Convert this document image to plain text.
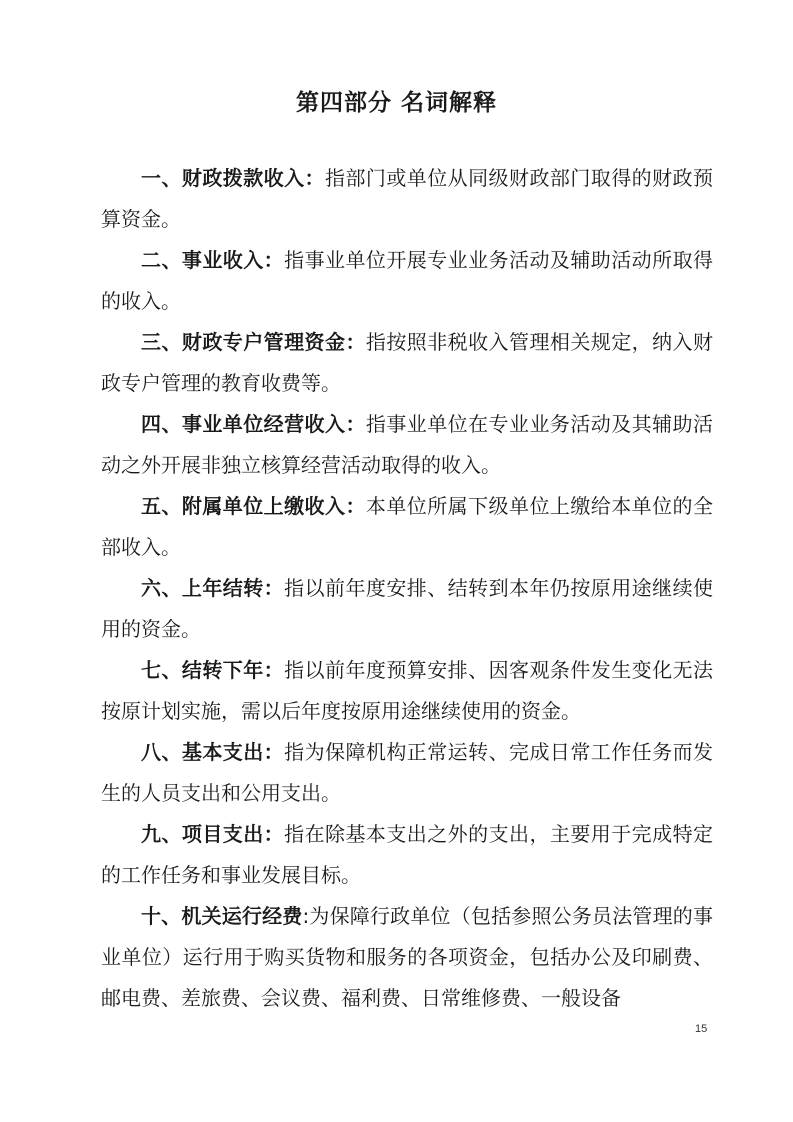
第四部分 名词解释

一、财政拨款收入：指部门或单位从同级财政部门取得的财政预算资金。

二、事业收入：指事业单位开展专业业务活动及辅助活动所取得的收入。

三、财政专户管理资金：指按照非税收入管理相关规定，纳入财政专户管理的教育收费等。

四、事业单位经营收入：指事业单位在专业业务活动及其辅助活动之外开展非独立核算经营活动取得的收入。

五、附属单位上缴收入：本单位所属下级单位上缴给本单位的全部收入。

六、上年结转：指以前年度安排、结转到本年仍按原用途继续使用的资金。

七、结转下年：指以前年度预算安排、因客观条件发生变化无法按原计划实施，需以后年度按原用途继续使用的资金。

八、基本支出：指为保障机构正常运转、完成日常工作任务而发生的人员支出和公用支出。

九、项目支出：指在除基本支出之外的支出，主要用于完成特定的工作任务和事业发展目标。

十、机关运行经费:为保障行政单位（包括参照公务员法管理的事业单位）运行用于购买货物和服务的各项资金，包括办公及印刷费、邮电费、差旅费、会议费、福利费、日常维修费、一般设备

15
